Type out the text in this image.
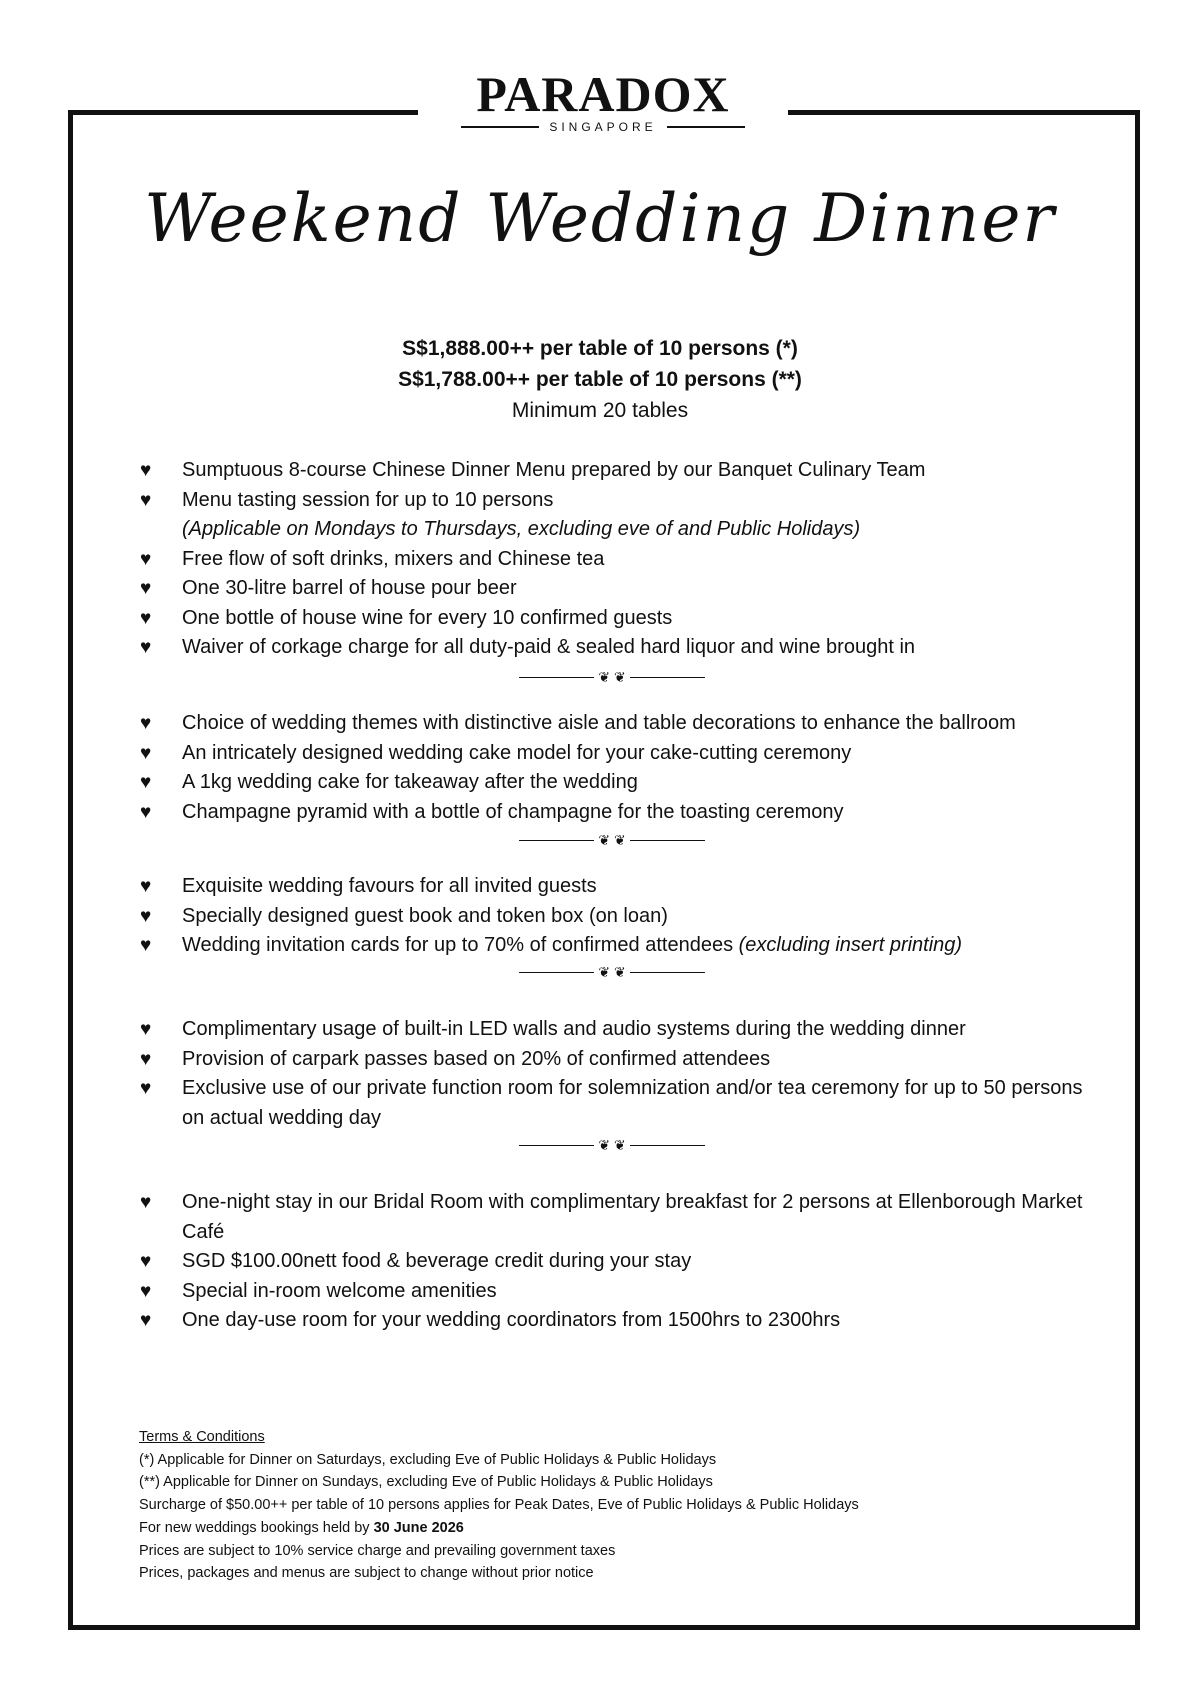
PARADOX
SINGAPORE
Weekend Wedding Dinner
S$1,888.00++ per table of 10 persons (*)
S$1,788.00++ per table of 10 persons (**)
Minimum 20 tables
♥ Sumptuous 8-course Chinese Dinner Menu prepared by our Banquet Culinary Team
♥ Menu tasting session for up to 10 persons
(Applicable on Mondays to Thursdays, excluding eve of and Public Holidays)
♥ Free flow of soft drinks, mixers and Chinese tea
♥ One 30-litre barrel of house pour beer
♥ One bottle of house wine for every 10 confirmed guests
♥ Waiver of corkage charge for all duty-paid & sealed hard liquor and wine brought in
❦ ❦
♥ Choice of wedding themes with distinctive aisle and table decorations to enhance the ballroom
♥ An intricately designed wedding cake model for your cake-cutting ceremony
♥ A 1kg wedding cake for takeaway after the wedding
♥ Champagne pyramid with a bottle of champagne for the toasting ceremony
❦ ❦
♥ Exquisite wedding favours for all invited guests
♥ Specially designed guest book and token box (on loan)
♥ Wedding invitation cards for up to 70% of confirmed attendees (excluding insert printing)
❦ ❦
♥ Complimentary usage of built-in LED walls and audio systems during the wedding dinner
♥ Provision of carpark passes based on 20% of confirmed attendees
♥ Exclusive use of our private function room for solemnization and/or tea ceremony for up to 50 persons on actual wedding day
❦ ❦
♥ One-night stay in our Bridal Room with complimentary breakfast for 2 persons at Ellenborough Market Café
♥ SGD $100.00nett food & beverage credit during your stay
♥ Special in-room welcome amenities
♥ One day-use room for your wedding coordinators from 1500hrs to 2300hrs
Terms & Conditions
(*) Applicable for Dinner on Saturdays, excluding Eve of Public Holidays & Public Holidays
(**) Applicable for Dinner on Sundays, excluding Eve of Public Holidays & Public Holidays
Surcharge of $50.00++ per table of 10 persons applies for Peak Dates, Eve of Public Holidays & Public Holidays
For new weddings bookings held by 30 June 2026
Prices are subject to 10% service charge and prevailing government taxes
Prices, packages and menus are subject to change without prior notice
